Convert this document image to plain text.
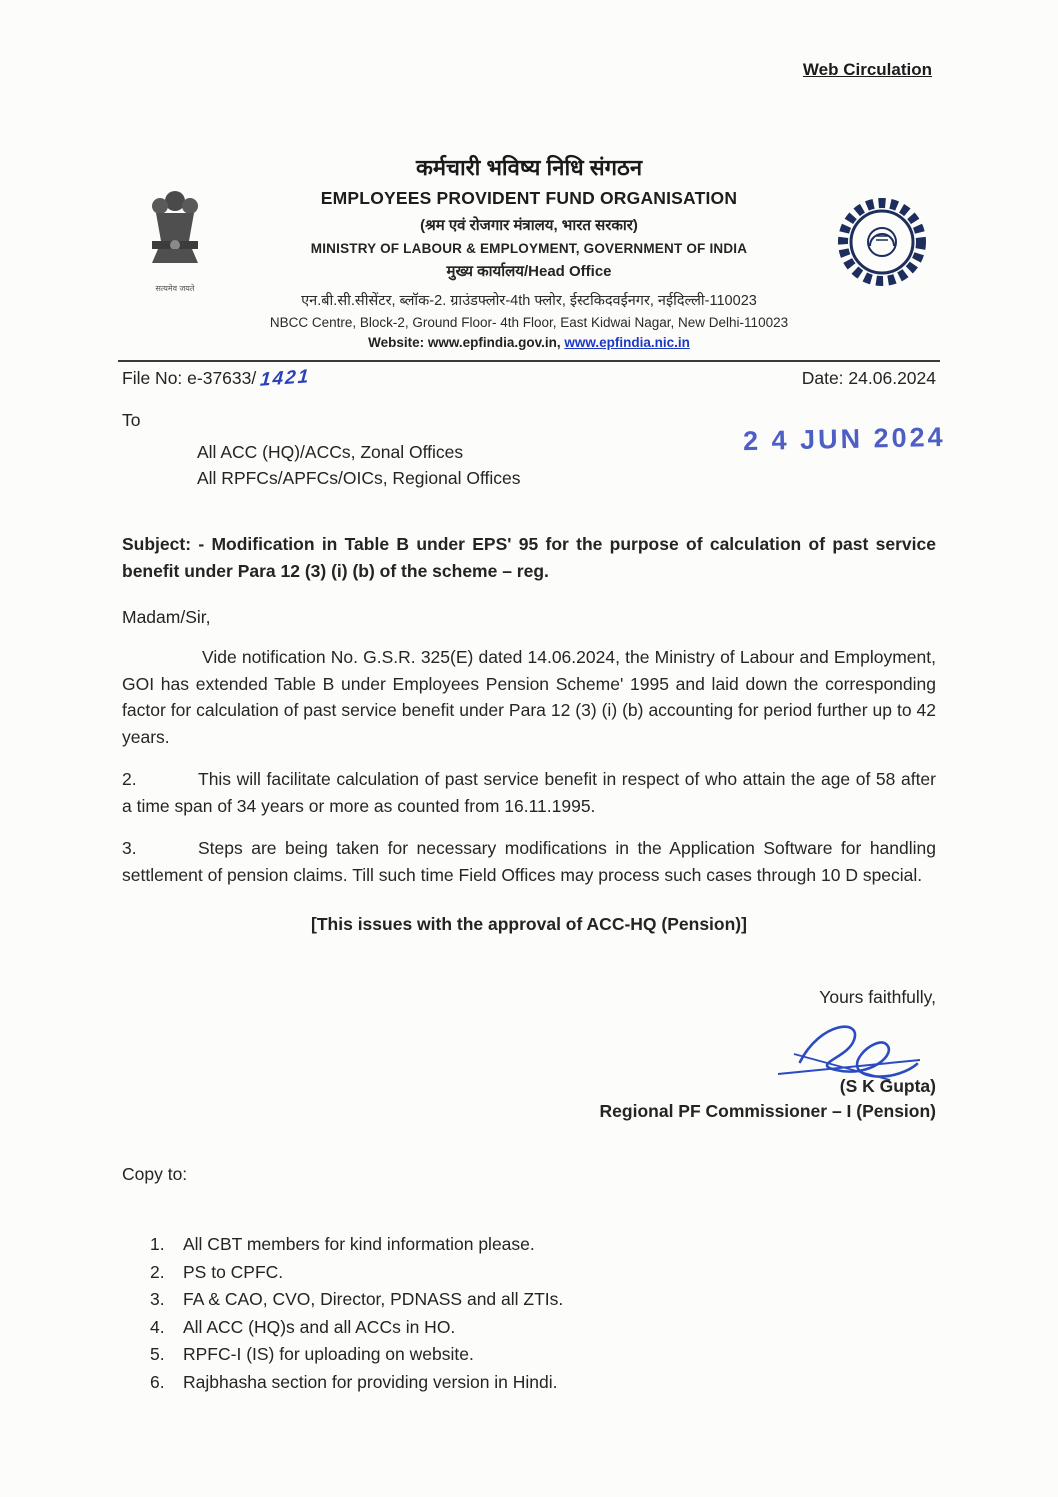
Web Circulation
सत्यमेव जयते
कर्मचारी भविष्य निधि संगठन
EMPLOYEES PROVIDENT FUND ORGANISATION
(श्रम एवं रोजगार मंत्रालय, भारत सरकार)
MINISTRY OF LABOUR & EMPLOYMENT, GOVERNMENT OF INDIA
मुख्य कार्यालय/Head Office
एन.बी.सी.सीसेंटर, ब्लॉक-2. ग्राउंडफ्लोर-4th फ्लोर, ईस्टकिदवईनगर, नईदिल्ली-110023
NBCC Centre, Block-2, Ground Floor- 4th Floor, East Kidwai Nagar, New Delhi-110023
Website: www.epfindia.gov.in, www.epfindia.nic.in
File No: e-37633/ 1421	Date: 24.06.2024
To
All ACC (HQ)/ACCs, Zonal Offices
All RPFCs/APFCs/OICs, Regional Offices
Subject: - Modification in Table B under EPS' 95 for the purpose of calculation of past service benefit under Para 12 (3) (i) (b) of the scheme – reg.
Madam/Sir,
Vide notification No. G.S.R. 325(E) dated 14.06.2024, the Ministry of Labour and Employment, GOI has extended Table B under Employees Pension Scheme' 1995 and laid down the corresponding factor for calculation of past service benefit under Para 12 (3) (i) (b) accounting for period further up to 42 years.
2.	This will facilitate calculation of past service benefit in respect of who attain the age of 58 after a time span of 34 years or more as counted from 16.11.1995.
3.	Steps are being taken for necessary modifications in the Application Software for handling settlement of pension claims. Till such time Field Offices may process such cases through 10 D special.
[This issues with the approval of ACC-HQ (Pension)]
Yours faithfully,
(S K Gupta)
Regional PF Commissioner – I (Pension)
Copy to:
1.	All CBT members for kind information please.
2.	PS to CPFC.
3.	FA & CAO, CVO, Director, PDNASS and all ZTIs.
4.	All ACC (HQ)s and all ACCs in HO.
5.	RPFC-I (IS) for uploading on website.
6.	Rajbhasha section for providing version in Hindi.
2 4 JUN 2024
